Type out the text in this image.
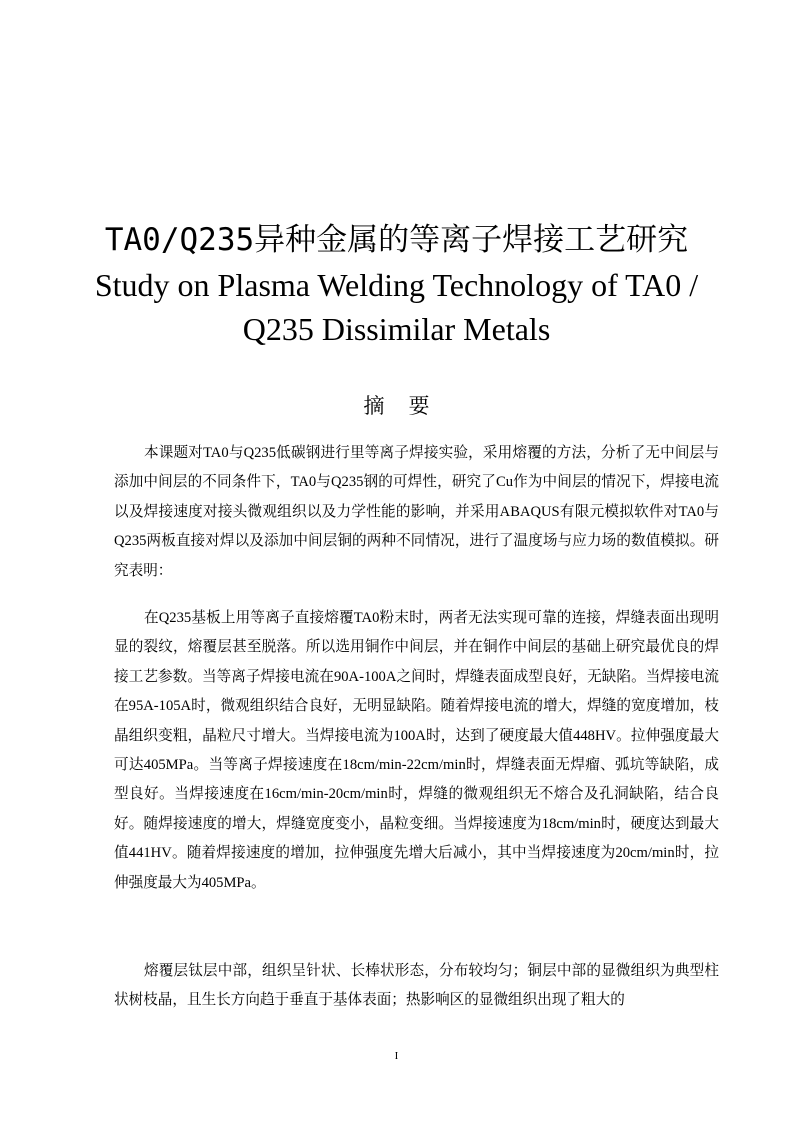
TA0/Q235异种金属的等离子焊接工艺研究
Study on Plasma Welding Technology of TA0 / Q235 Dissimilar Metals
摘要

本课题对TA0与Q235低碳钢进行里等离子焊接实验，采用熔覆的方法，分析了无中间层与添加中间层的不同条件下，TA0与Q235钢的可焊性，研究了Cu作为中间层的情况下，焊接电流以及焊接速度对接头微观组织以及力学性能的影响，并采用ABAQUS有限元模拟软件对TA0与Q235两板直接对焊以及添加中间层铜的两种不同情况，进行了温度场与应力场的数值模拟。研究表明：

在Q235基板上用等离子直接熔覆TA0粉末时，两者无法实现可靠的连接，焊缝表面出现明显的裂纹，熔覆层甚至脱落。所以选用铜作中间层，并在铜作中间层的基础上研究最优良的焊接工艺参数。当等离子焊接电流在90A-100A之间时，焊缝表面成型良好，无缺陷。当焊接电流在95A-105A时，微观组织结合良好，无明显缺陷。随着焊接电流的增大，焊缝的宽度增加，枝晶组织变粗，晶粒尺寸增大。当焊接电流为100A时，达到了硬度最大值448HV。拉伸强度最大可达405MPa。当等离子焊接速度在18cm/min-22cm/min时，焊缝表面无焊瘤、弧坑等缺陷，成型良好。当焊接速度在16cm/min-20cm/min时，焊缝的微观组织无不熔合及孔洞缺陷，结合良好。随焊接速度的增大，焊缝宽度变小，晶粒变细。当焊接速度为18cm/min时，硬度达到最大值441HV。随着焊接速度的增加，拉伸强度先增大后减小，其中当焊接速度为20cm/min时，拉伸强度最大为405MPa。

熔覆层钛层中部，组织呈针状、长棒状形态，分布较均匀；铜层中部的显微组织为典型柱状树枝晶，且生长方向趋于垂直于基体表面；热影响区的显微组织出现了粗大的

I
